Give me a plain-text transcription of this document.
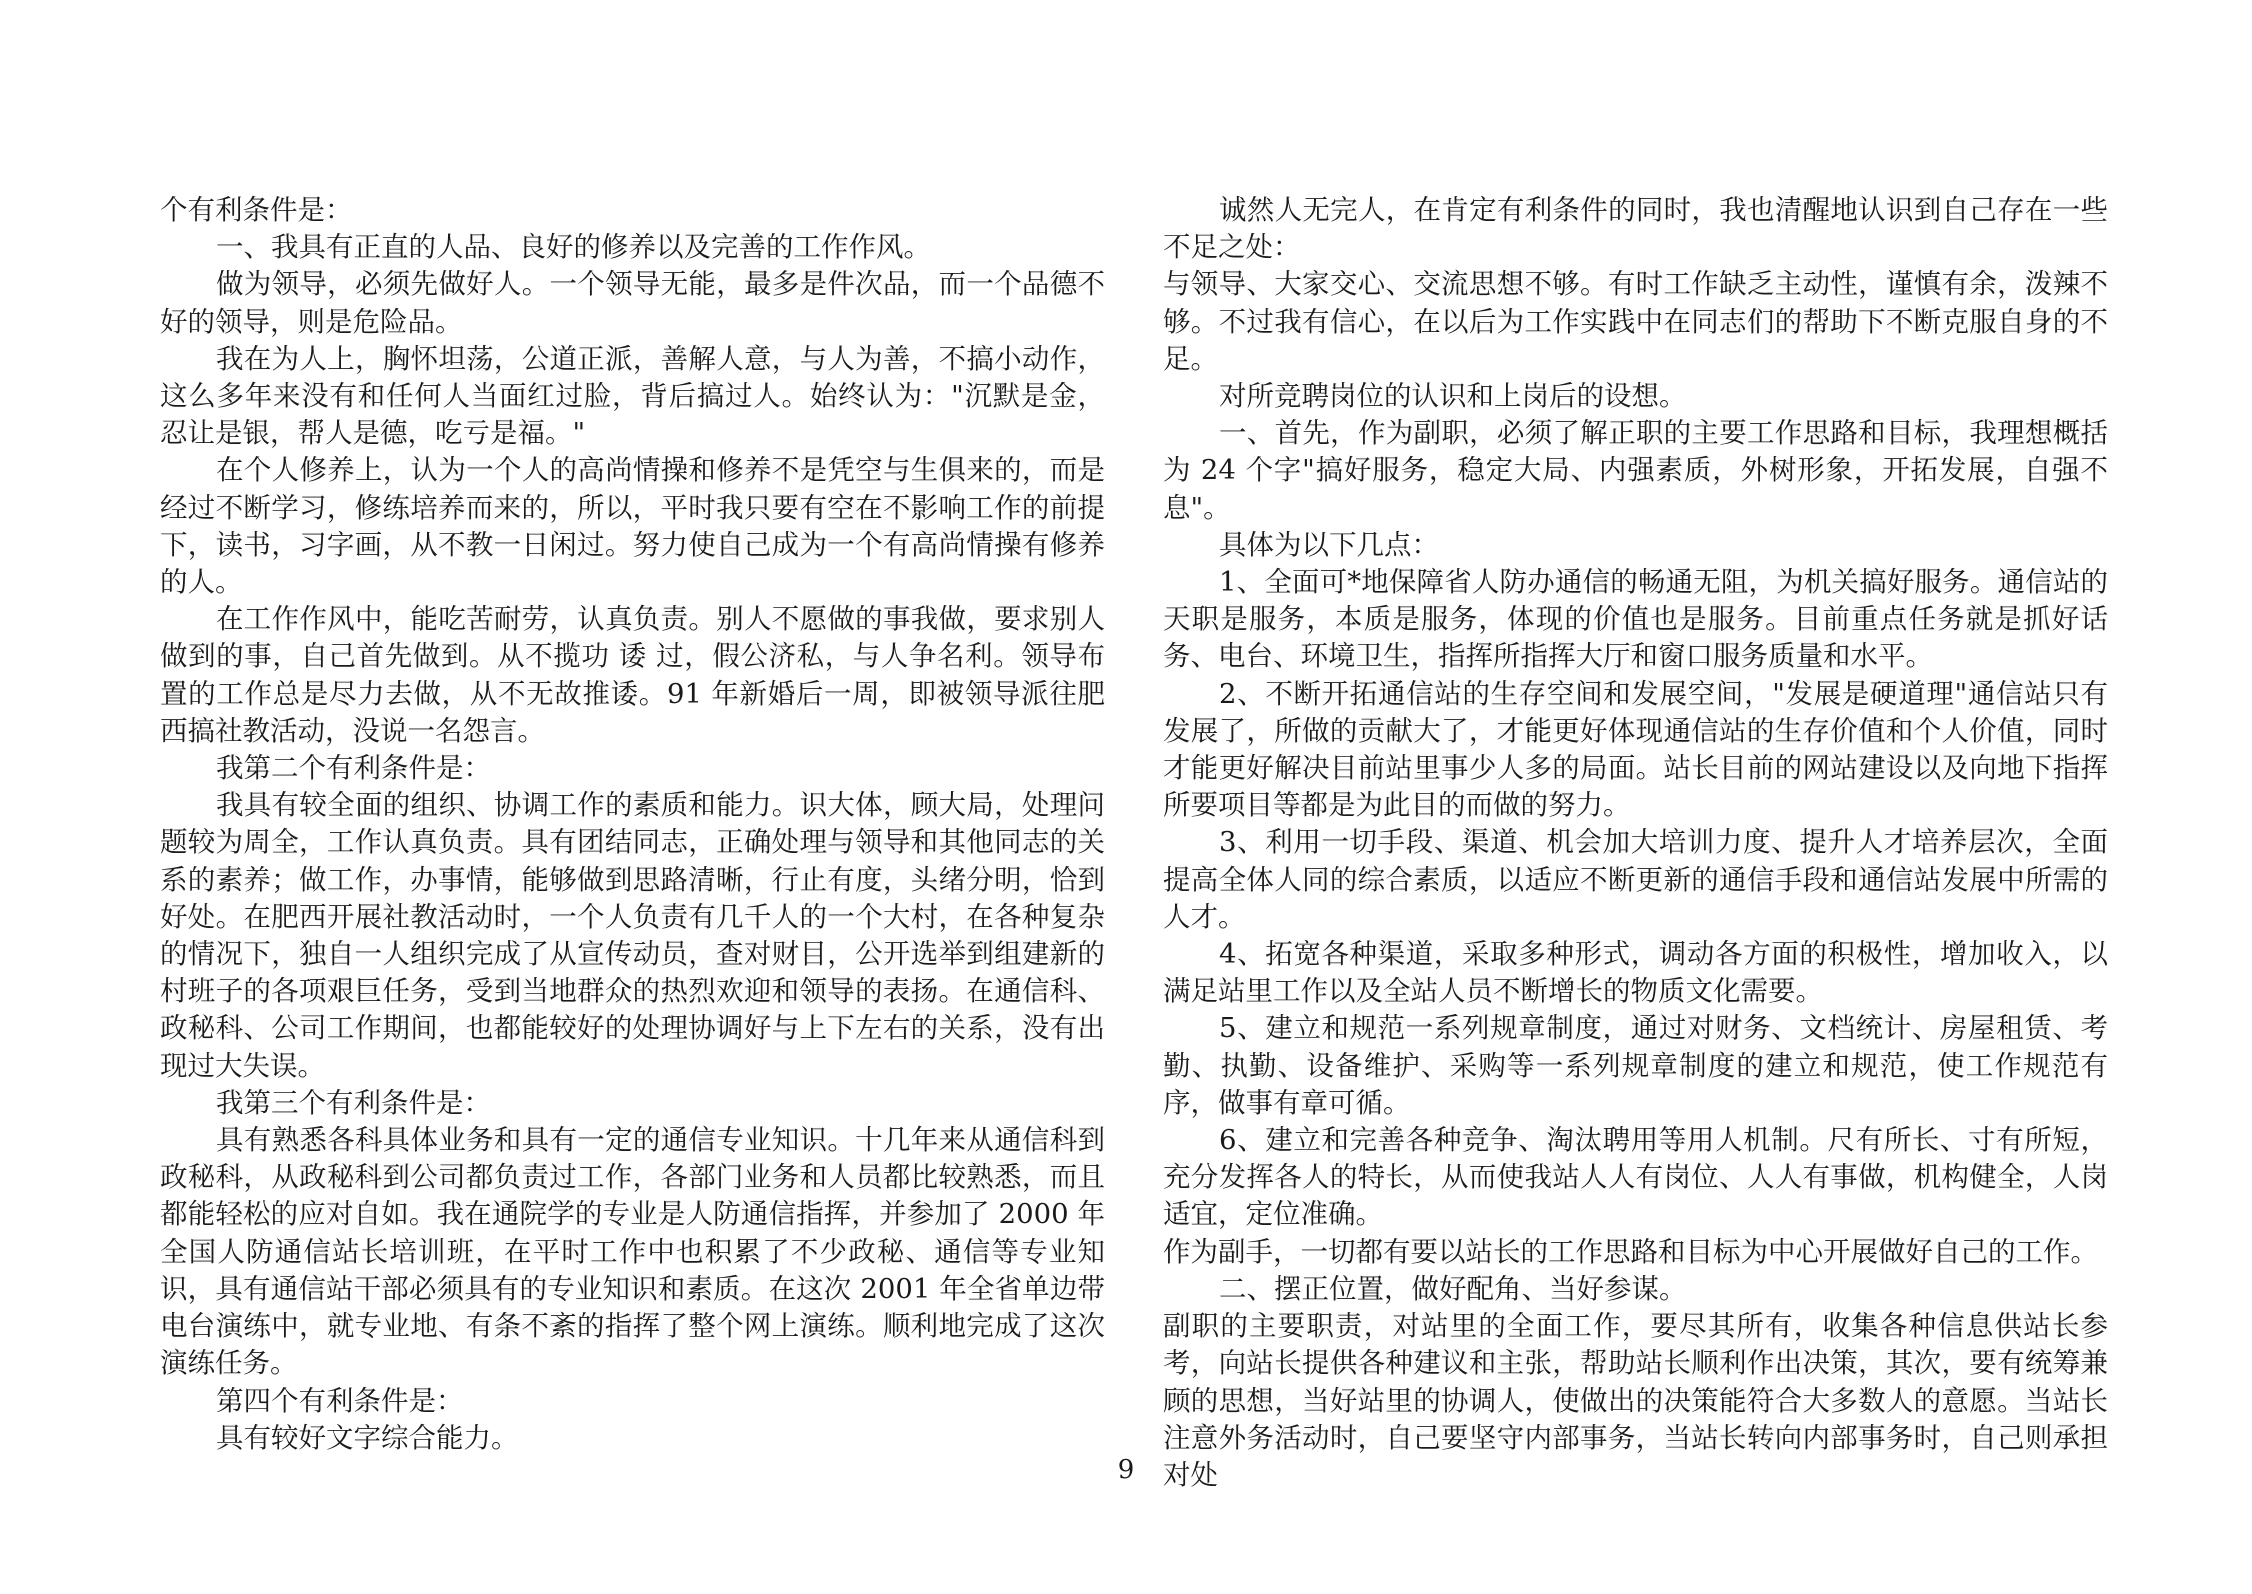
个有利条件是：

一、我具有正直的人品、良好的修养以及完善的工作作风。

做为领导，必须先做好人。一个领导无能，最多是件次品，而一个品德不好的领导，则是危险品。

我在为人上，胸怀坦荡，公道正派，善解人意，与人为善，不搞小动作，这么多年来没有和任何人当面红过脸，背后搞过人。始终认为："沉默是金，忍让是银，帮人是德，吃亏是福。"

在个人修养上，认为一个人的高尚情操和修养不是凭空与生俱来的，而是经过不断学习，修练培养而来的，所以，平时我只要有空在不影响工作的前提下，读书，习字画，从不教一日闲过。努力使自己成为一个有高尚情操有修养的人。

在工作作风中，能吃苦耐劳，认真负责。别人不愿做的事我做，要求别人做到的事，自己首先做到。从不揽功 诿 过，假公济私，与人争名利。领导布置的工作总是尽力去做，从不无故推诿。91 年新婚后一周，即被领导派往肥西搞社教活动，没说一名怨言。

我第二个有利条件是：

我具有较全面的组织、协调工作的素质和能力。识大体，顾大局，处理问题较为周全，工作认真负责。具有团结同志，正确处理与领导和其他同志的关系的素养；做工作，办事情，能够做到思路清晰，行止有度，头绪分明，恰到好处。在肥西开展社教活动时，一个人负责有几千人的一个大村，在各种复杂的情况下，独自一人组织完成了从宣传动员，查对财目，公开选举到组建新的村班子的各项艰巨任务，受到当地群众的热烈欢迎和领导的表扬。在通信科、政秘科、公司工作期间，也都能较好的处理协调好与上下左右的关系，没有出现过大失误。

我第三个有利条件是：

具有熟悉各科具体业务和具有一定的通信专业知识。十几年来从通信科到政秘科，从政秘科到公司都负责过工作，各部门业务和人员都比较熟悉，而且都能轻松的应对自如。我在通院学的专业是人防通信指挥，并参加了 2000 年全国人防通信站长培训班，在平时工作中也积累了不少政秘、通信等专业知识，具有通信站干部必须具有的专业知识和素质。在这次 2001 年全省单边带电台演练中，就专业地、有条不紊的指挥了整个网上演练。顺利地完成了这次演练任务。

第四个有利条件是：

具有较好文字综合能力。

诚然人无完人，在肯定有利条件的同时，我也清醒地认识到自己存在一些不足之处：

与领导、大家交心、交流思想不够。有时工作缺乏主动性，谨慎有余，泼辣不够。不过我有信心，在以后为工作实践中在同志们的帮助下不断克服自身的不足。

对所竞聘岗位的认识和上岗后的设想。

一、首先，作为副职，必须了解正职的主要工作思路和目标，我理想概括为 24 个字"搞好服务，稳定大局、内强素质，外树形象，开拓发展，自强不息"。

具体为以下几点：

1、全面可*地保障省人防办通信的畅通无阻，为机关搞好服务。通信站的天职是服务，本质是服务，体现的价值也是服务。目前重点任务就是抓好话务、电台、环境卫生，指挥所指挥大厅和窗口服务质量和水平。

2、不断开拓通信站的生存空间和发展空间，"发展是硬道理"通信站只有发展了，所做的贡献大了，才能更好体现通信站的生存价值和个人价值，同时才能更好解决目前站里事少人多的局面。站长目前的网站建设以及向地下指挥所要项目等都是为此目的而做的努力。

3、利用一切手段、渠道、机会加大培训力度、提升人才培养层次，全面提高全体人同的综合素质，以适应不断更新的通信手段和通信站发展中所需的人才。

4、拓宽各种渠道，采取多种形式，调动各方面的积极性，增加收入，以满足站里工作以及全站人员不断增长的物质文化需要。

5、建立和规范一系列规章制度，通过对财务、文档统计、房屋租赁、考勤、执勤、设备维护、采购等一系列规章制度的建立和规范，使工作规范有序，做事有章可循。

6、建立和完善各种竞争、淘汰聘用等用人机制。尺有所长、寸有所短，充分发挥各人的特长，从而使我站人人有岗位、人人有事做，机构健全，人岗适宜，定位准确。

作为副手，一切都有要以站长的工作思路和目标为中心开展做好自己的工作。

二、摆正位置，做好配角、当好参谋。

副职的主要职责，对站里的全面工作，要尽其所有，收集各种信息供站长参考，向站长提供各种建议和主张，帮助站长顺利作出决策，其次，要有统筹兼顾的思想，当好站里的协调人，使做出的决策能符合大多数人的意愿。当站长注意外务活动时，自己要坚守内部事务，当站长转向内部事务时，自己则承担对处

9
